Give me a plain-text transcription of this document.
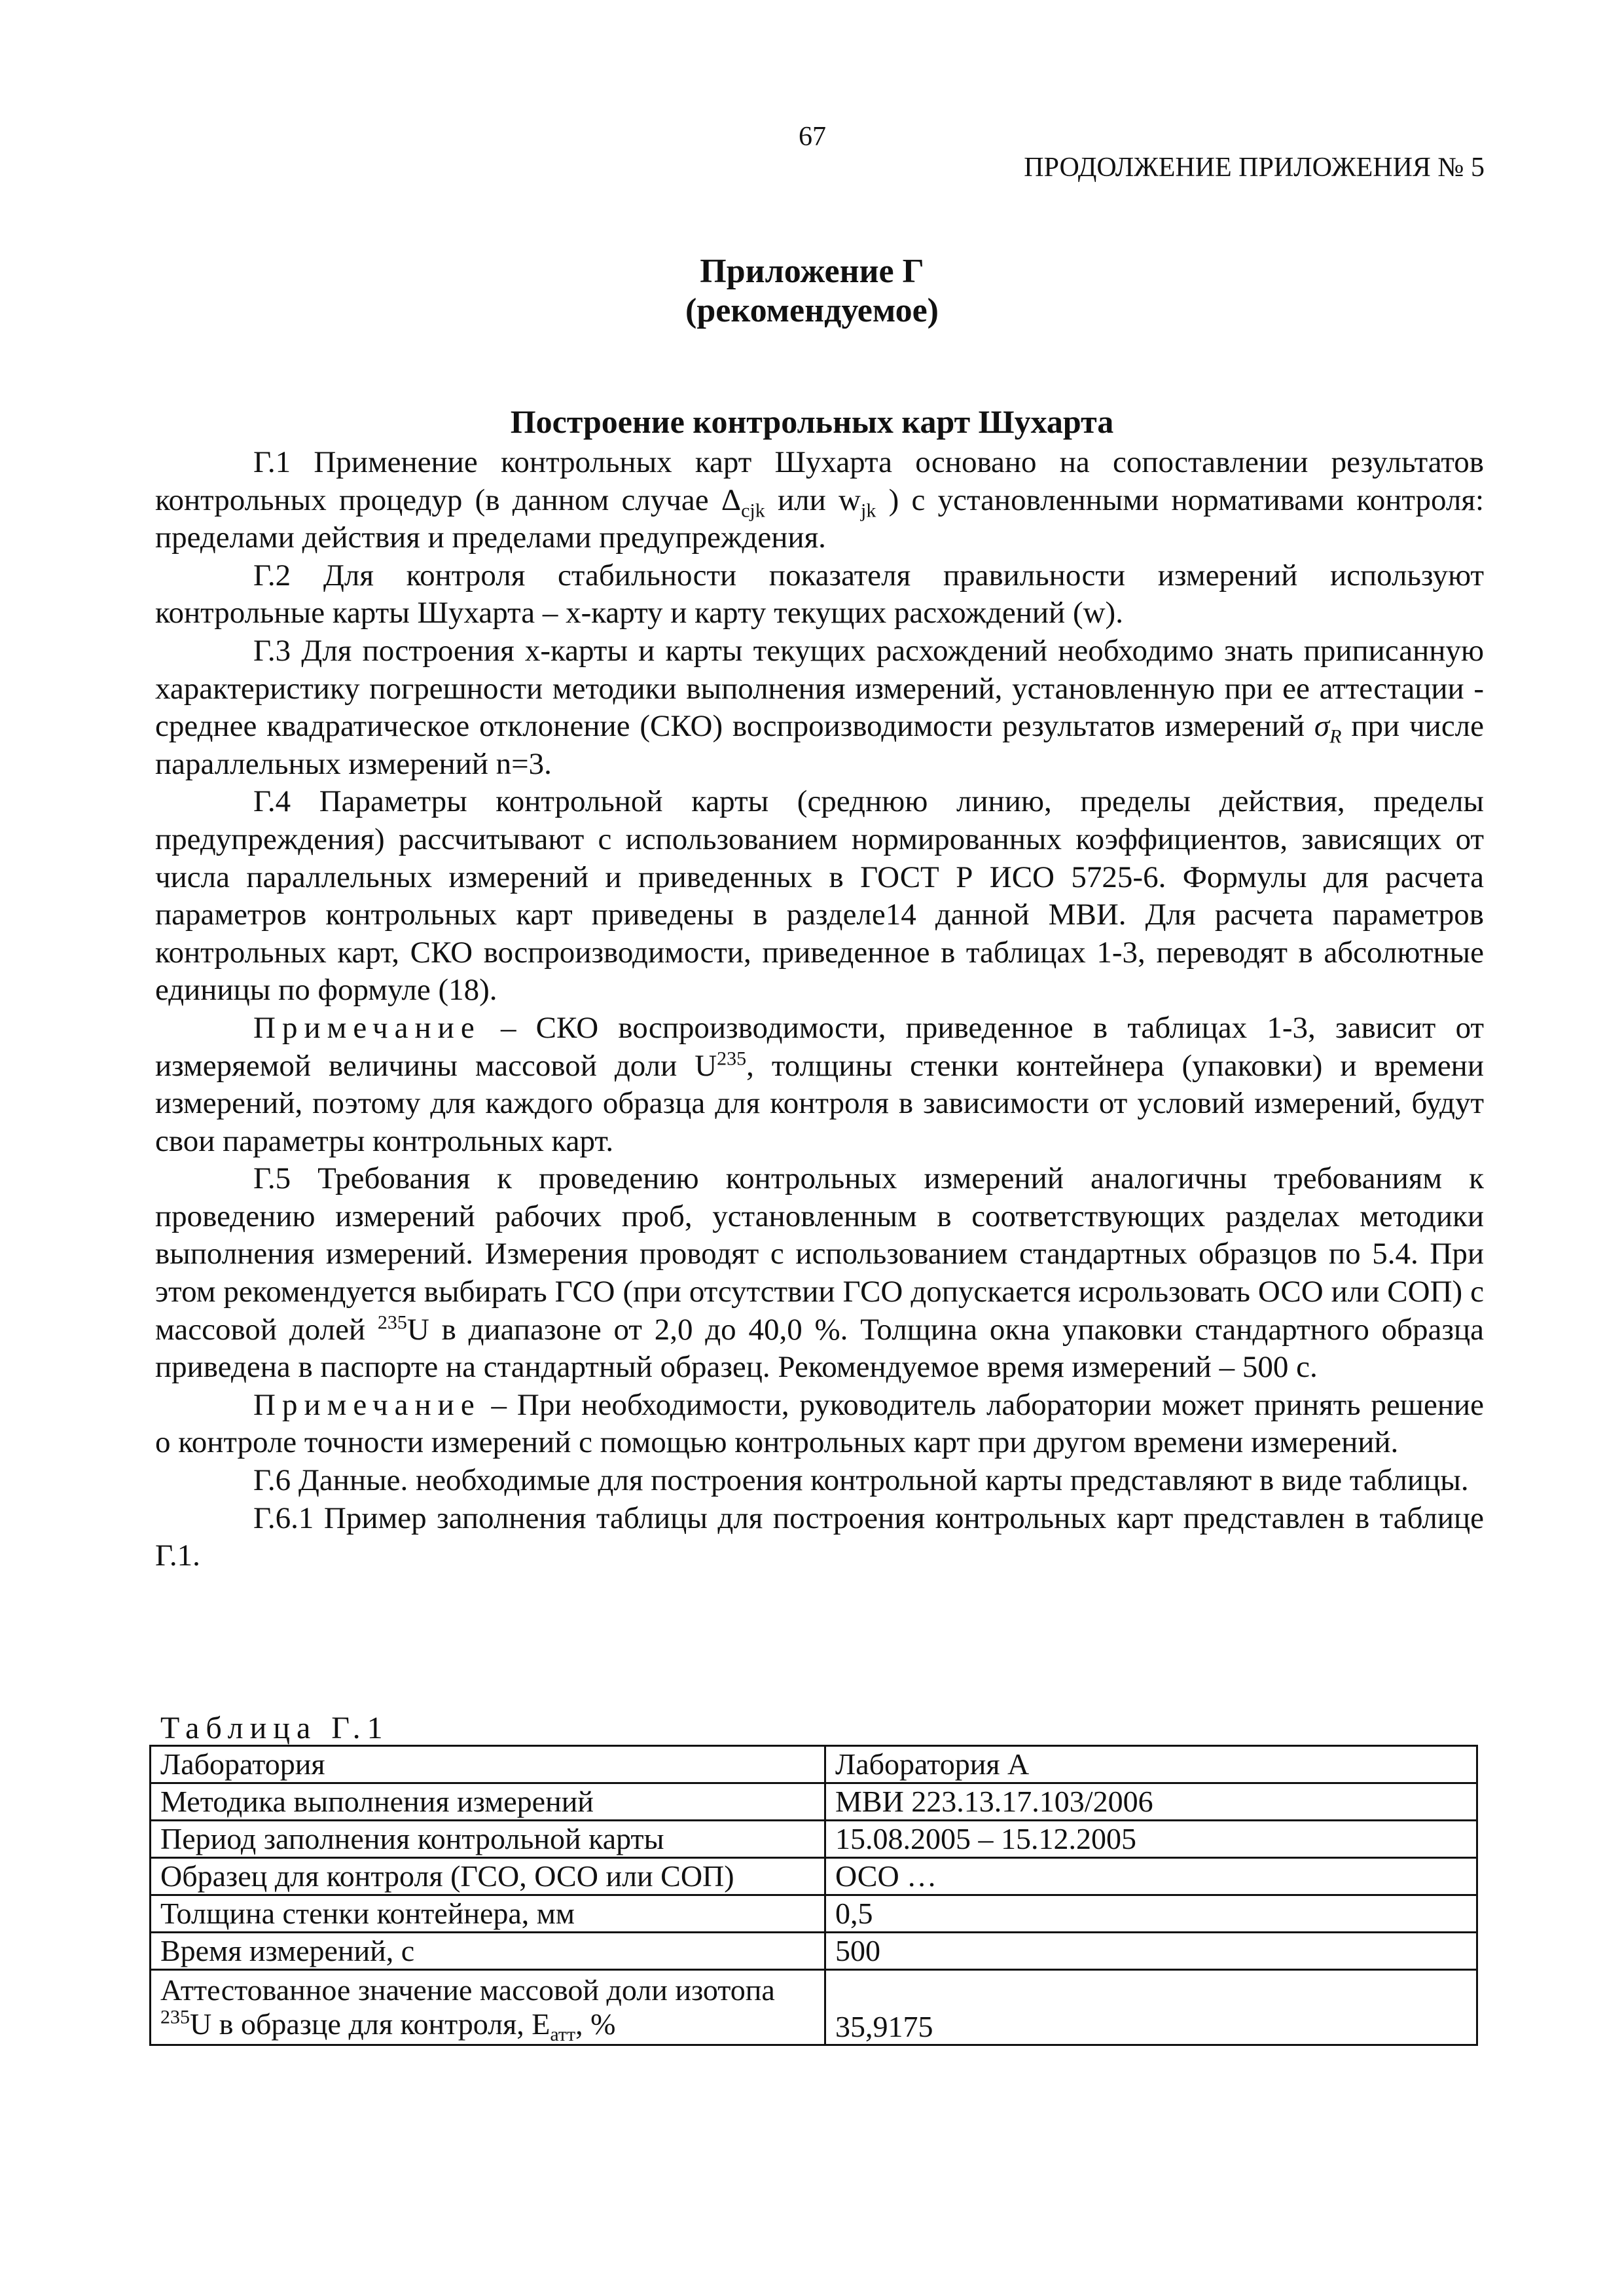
67
ПРОДОЛЖЕНИЕ ПРИЛОЖЕНИЯ № 5
Приложение Г
(рекомендуемое)
Построение контрольных карт Шухарта

Г.1 Применение контрольных карт Шухарта основано на сопоставлении результатов контрольных процедур (в данном случае $\Delta_{cjk}$ или $w_{jk}$ ) с установленными нормативами контроля: пределами действия и пределами предупреждения.

Г.2 Для контроля стабильности показателя правильности измерений используют контрольные карты Шухарта – x-карту и карту текущих расхождений (w).

Г.3 Для построения x-карты и карты текущих расхождений необходимо знать приписанную характеристику погрешности методики выполнения измерений, установленную при ее аттестации - среднее квадратическое отклонение (СКО) воспроизводимости результатов измерений $\sigma_R$ при числе параллельных измерений n=3.

Г.4 Параметры контрольной карты (среднюю линию, пределы действия, пределы предупреждения) рассчитывают с использованием нормированных коэффициентов, зависящих от числа параллельных измерений и приведенных в ГОСТ Р ИСО 5725-6. Формулы для расчета параметров контрольных карт приведены в разделе14 данной МВИ. Для расчета параметров контрольных карт, СКО воспроизводимости, приведенное в таблицах 1-3, переводят в абсолютные единицы по формуле (18).

Примечание – СКО воспроизводимости, приведенное в таблицах 1-3, зависит от измеряемой величины массовой доли $U^{235}$, толщины стенки контейнера (упаковки) и времени измерений, поэтому для каждого образца для контроля в зависимости от условий измерений, будут свои параметры контрольных карт.

Г.5 Требования к проведению контрольных измерений аналогичны требованиям к проведению измерений рабочих проб, установленным в соответствующих разделах методики выполнения измерений. Измерения проводят с использованием стандартных образцов по 5.4. При этом рекомендуется выбирать ГСО (при отсутствии ГСО допускается исрользовать ОСО или СОП) с массовой долей $^{235}$U в диапазоне от 2,0 до 40,0 %. Толщина окна упаковки стандартного образца приведена в паспорте на стандартный образец. Рекомендуемое время измерений – 500 с.

Примечание – При необходимости, руководитель лаборатории может принять решение о контроле точности измерений с помощью контрольных карт при другом времени измерений.

Г.6 Данные. необходимые для построения контрольной карты представляют в виде таблицы.

Г.6.1 Пример заполнения таблицы для построения контрольных карт представлен в таблице Г.1.

Таблица Г.1
Лаборатория	Лаборатория А
Методика выполнения измерений	МВИ 223.13.17.103/2006
Период заполнения контрольной карты	15.08.2005 – 15.12.2005
Образец для контроля (ГСО, ОСО или СОП)	ОСО …
Толщина стенки контейнера, мм	0,5
Время измерений, с	500
Аттестованное значение массовой доли изотопа $^{235}$U в образце для контроля, $Е_{атт}$, %	35,9175
